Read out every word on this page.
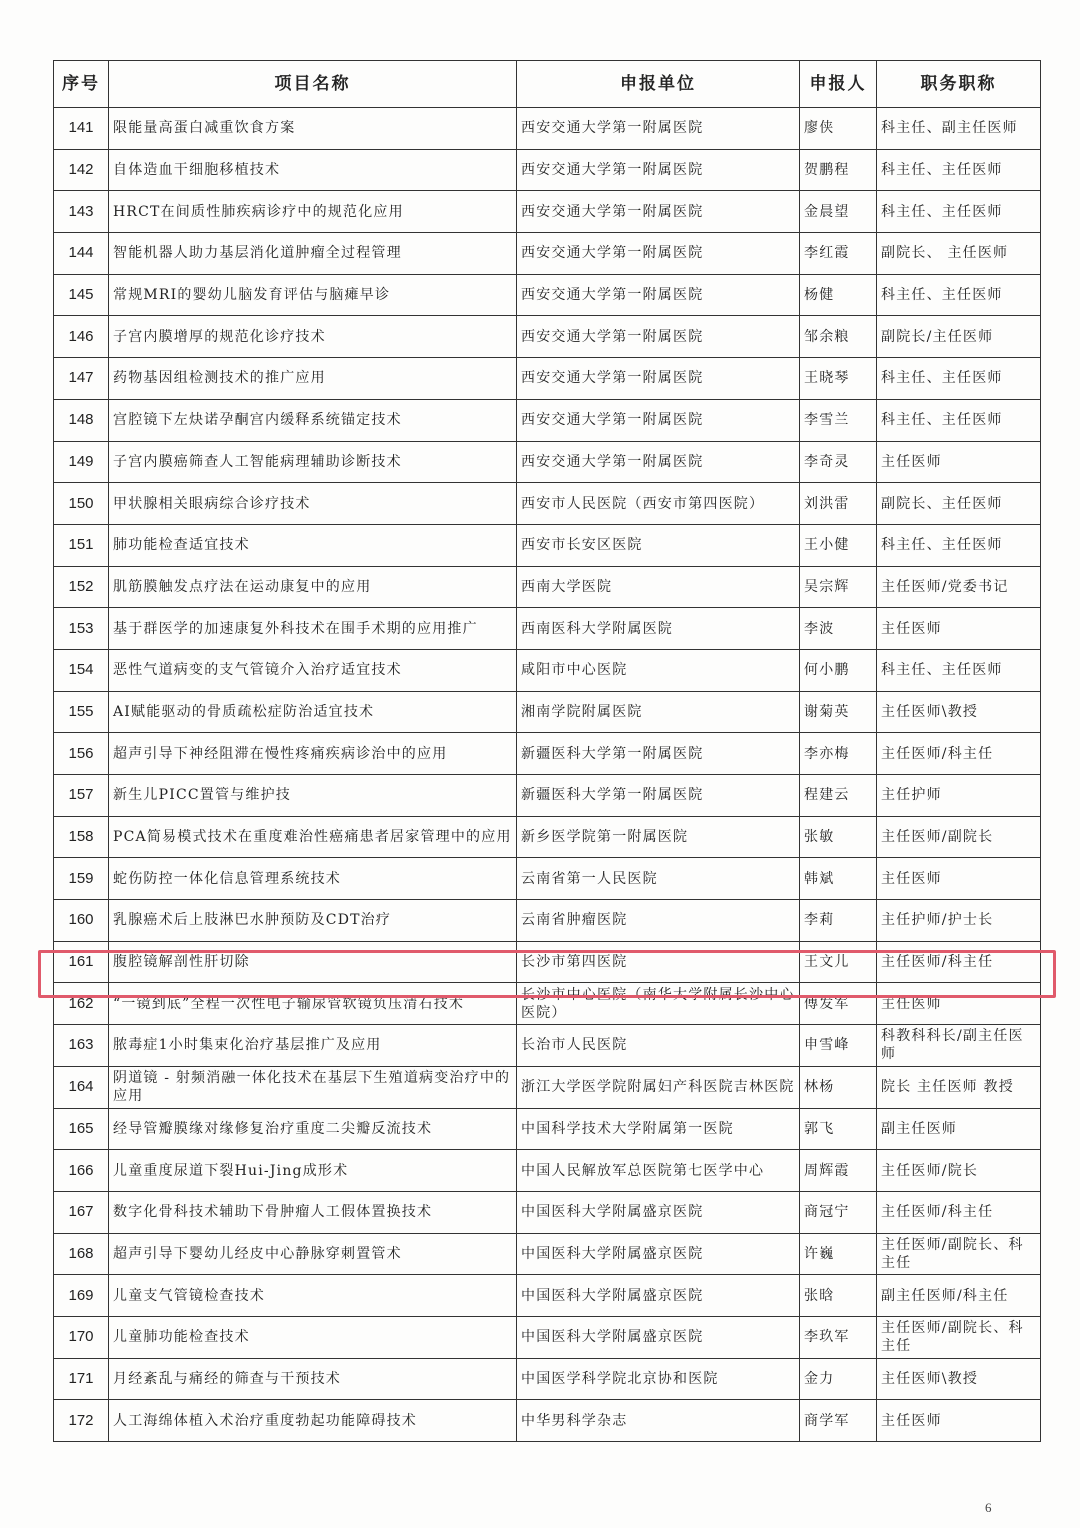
序号	项目名称	申报单位	申报人	职务职称
141	限能量高蛋白减重饮食方案	西安交通大学第一附属医院	廖侠	科主任、副主任医师
142	自体造血干细胞移植技术	西安交通大学第一附属医院	贺鹏程	科主任、主任医师
143	HRCT在间质性肺疾病诊疗中的规范化应用	西安交通大学第一附属医院	金晨望	科主任、主任医师
144	智能机器人助力基层消化道肿瘤全过程管理	西安交通大学第一附属医院	李红霞	副院长、 主任医师
145	常规MRI的婴幼儿脑发育评估与脑瘫早诊	西安交通大学第一附属医院	杨健	科主任、主任医师
146	子宫内膜增厚的规范化诊疗技术	西安交通大学第一附属医院	邹余粮	副院长/主任医师
147	药物基因组检测技术的推广应用	西安交通大学第一附属医院	王晓琴	科主任、主任医师
148	宫腔镜下左炔诺孕酮宫内缓释系统锚定技术	西安交通大学第一附属医院	李雪兰	科主任、主任医师
149	子宫内膜癌筛查人工智能病理辅助诊断技术	西安交通大学第一附属医院	李奇灵	主任医师
150	甲状腺相关眼病综合诊疗技术	西安市人民医院（西安市第四医院）	刘洪雷	副院长、主任医师
151	肺功能检查适宜技术	西安市长安区医院	王小健	科主任、主任医师
152	肌筋膜触发点疗法在运动康复中的应用	西南大学医院	吴宗辉	主任医师/党委书记
153	基于群医学的加速康复外科技术在围手术期的应用推广	西南医科大学附属医院	李波	主任医师
154	恶性气道病变的支气管镜介入治疗适宜技术	咸阳市中心医院	何小鹏	科主任、主任医师
155	AI赋能驱动的骨质疏松症防治适宜技术	湘南学院附属医院	谢菊英	主任医师\教授
156	超声引导下神经阻滞在慢性疼痛疾病诊治中的应用	新疆医科大学第一附属医院	李亦梅	主任医师/科主任
157	新生儿PICC置管与维护技	新疆医科大学第一附属医院	程建云	主任护师
158	PCA简易模式技术在重度难治性癌痛患者居家管理中的应用	新乡医学院第一附属医院	张敏	主任医师/副院长
159	蛇伤防控一体化信息管理系统技术	云南省第一人民医院	韩斌	主任医师
160	乳腺癌术后上肢淋巴水肿预防及CDT治疗	云南省肿瘤医院	李莉	主任护师/护士长
161	腹腔镜解剖性肝切除	长沙市第四医院	王文儿	主任医师/科主任
162	“一镜到底”全程一次性电子输尿管软镜负压清石技术	长沙市中心医院（南华大学附属长沙中心医院）	傅发军	主任医师
163	脓毒症1小时集束化治疗基层推广及应用	长治市人民医院	申雪峰	科教科科长/副主任医师
164	阴道镜 - 射频消融一体化技术在基层下生殖道病变治疗中的应用	浙江大学医学院附属妇产科医院吉林医院	林杨	院长 主任医师 教授
165	经导管瓣膜缘对缘修复治疗重度二尖瓣反流技术	中国科学技术大学附属第一医院	郭飞	副主任医师
166	儿童重度尿道下裂Hui-Jing成形术	中国人民解放军总医院第七医学中心	周辉霞	主任医师/院长
167	数字化骨科技术辅助下骨肿瘤人工假体置换技术	中国医科大学附属盛京医院	商冠宁	主任医师/科主任
168	超声引导下婴幼儿经皮中心静脉穿刺置管术	中国医科大学附属盛京医院	许巍	主任医师/副院长、科主任
169	儿童支气管镜检查技术	中国医科大学附属盛京医院	张晗	副主任医师/科主任
170	儿童肺功能检查技术	中国医科大学附属盛京医院	李玖军	主任医师/副院长、科主任
171	月经紊乱与痛经的筛查与干预技术	中国医学科学院北京协和医院	金力	主任医师\教授
172	人工海绵体植入术治疗重度勃起功能障碍技术	中华男科学杂志	商学军	主任医师
6
